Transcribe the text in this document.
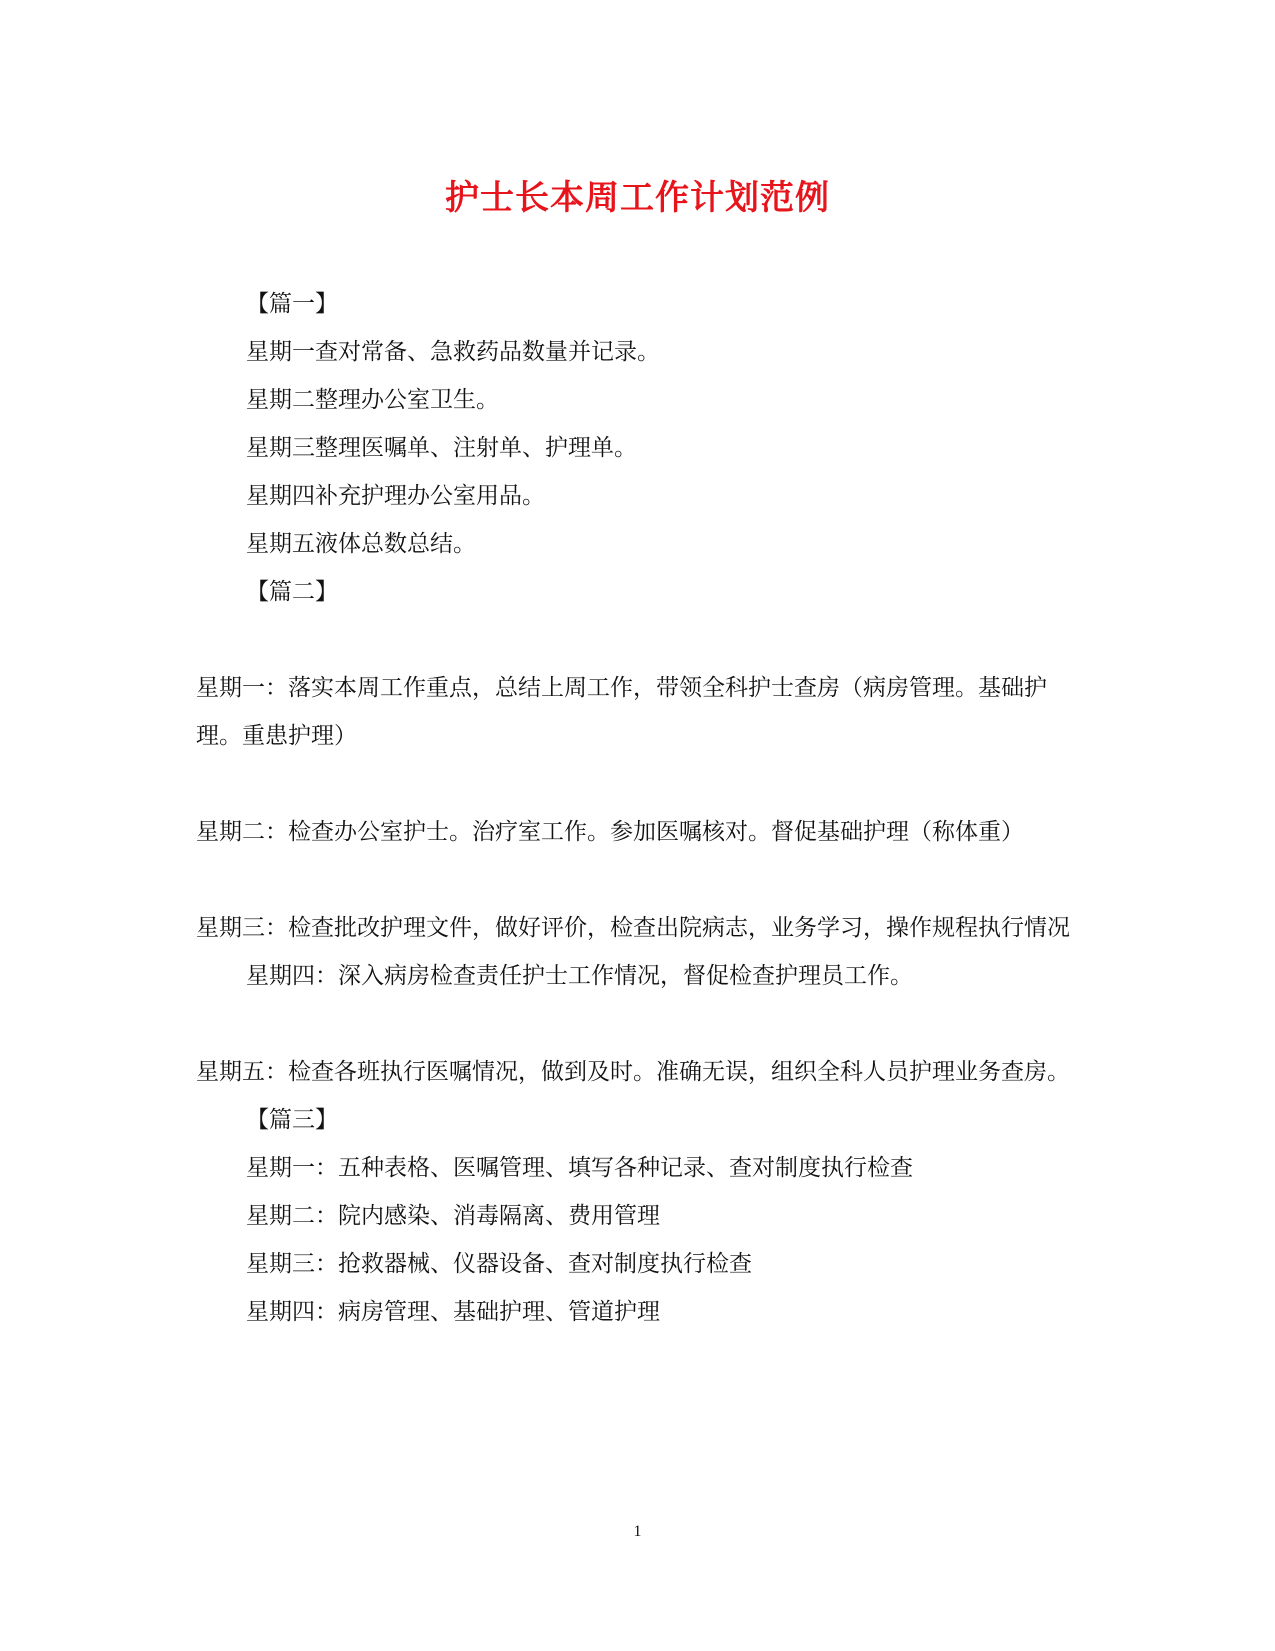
护士长本周工作计划范例

【篇一】

星期一查对常备、急救药品数量并记录。

星期二整理办公室卫生。

星期三整理医嘱单、注射单、护理单。

星期四补充护理办公室用品。

星期五液体总数总结。

【篇二】

星期一：落实本周工作重点，总结上周工作，带领全科护士查房（病房管理。基础护理。重患护理）

星期二：检查办公室护士。治疗室工作。参加医嘱核对。督促基础护理（称体重）

星期三：检查批改护理文件，做好评价，检查出院病志，业务学习，操作规程执行情况

星期四：深入病房检查责任护士工作情况，督促检查护理员工作。

星期五：检查各班执行医嘱情况，做到及时。准确无误，组织全科人员护理业务查房。

【篇三】

星期一：五种表格、医嘱管理、填写各种记录、查对制度执行检查

星期二：院内感染、消毒隔离、费用管理

星期三：抢救器械、仪器设备、查对制度执行检查

星期四：病房管理、基础护理、管道护理

1
